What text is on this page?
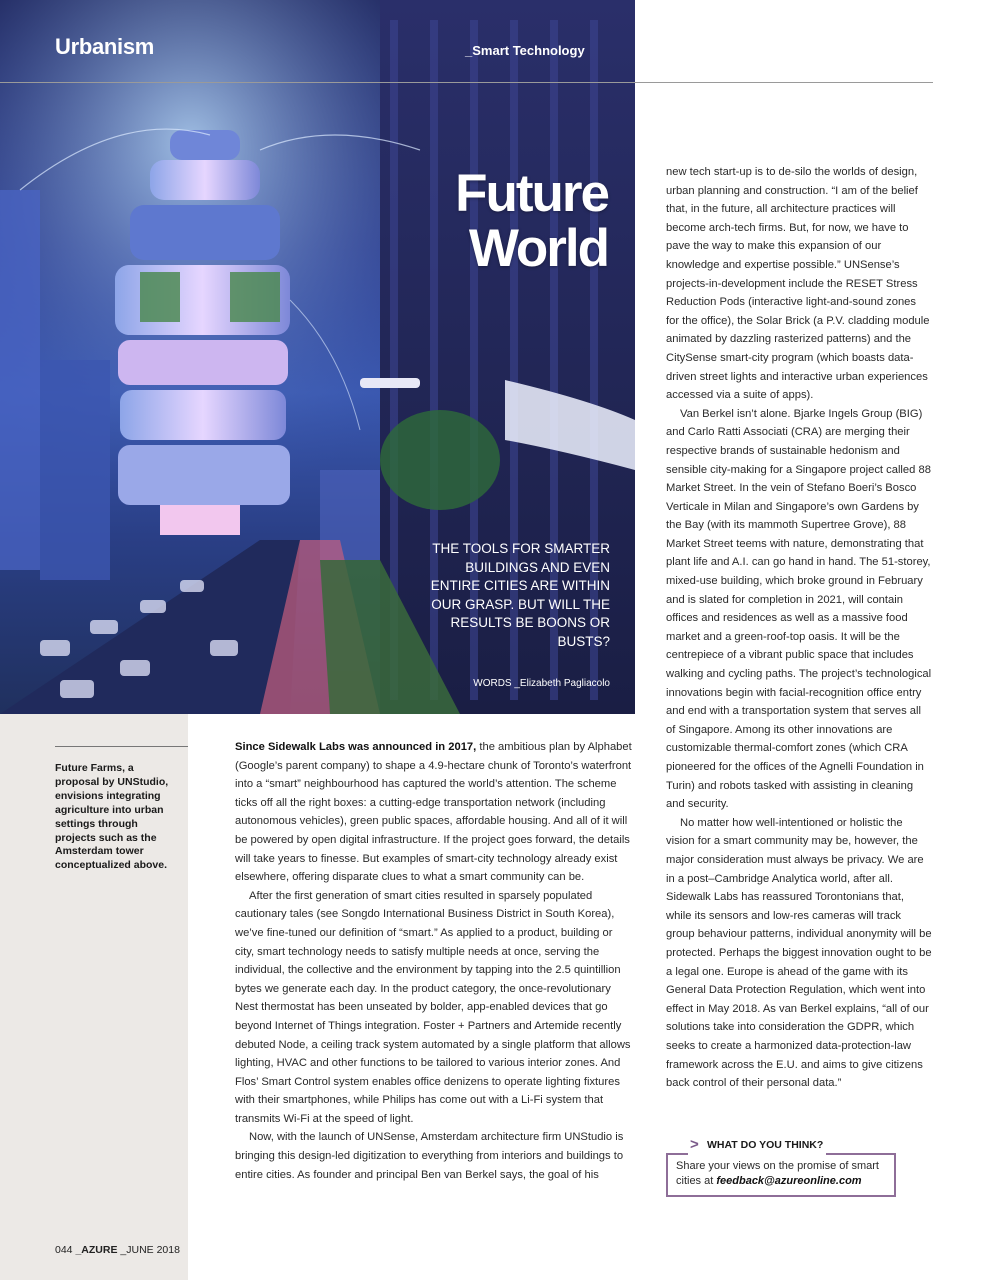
Urbanism	_Smart Technology
Future
World
THE TOOLS FOR SMARTER BUILDINGS AND EVEN ENTIRE CITIES ARE WITHIN OUR GRASP. BUT WILL THE RESULTS BE BOONS OR BUSTS?
WORDS _Elizabeth Pagliacolo
Future Farms, a proposal by UNStudio, envisions integrating agriculture into urban settings through projects such as the Amsterdam tower conceptualized above.
044 _AZURE _JUNE 2018

Since Sidewalk Labs was announced in 2017, the ambitious plan by Alphabet (Google’s parent company) to shape a 4.9-hectare chunk of Toronto’s waterfront into a “smart” neighbourhood has captured the world’s attention. The scheme ticks off all the right boxes: a cutting-edge transportation network (including autonomous vehicles), green public spaces, affordable housing. And all of it will be powered by open digital infrastructure. If the project goes forward, the details will take years to finesse. But examples of smart-city technology already exist elsewhere, offering disparate clues to what a smart community can be.

After the first generation of smart cities resulted in sparsely populated cautionary tales (see Songdo International Business District in South Korea), we’ve fine-tuned our definition of “smart.” As applied to a product, building or city, smart technology needs to satisfy multiple needs at once, serving the individual, the collective and the environment by tapping into the 2.5 quintillion bytes we generate each day. In the product category, the once-revolutionary Nest thermostat has been unseated by bolder, app-enabled devices that go beyond Internet of Things integration. Foster + Partners and Artemide recently debuted Node, a ceiling track system automated by a single platform that allows lighting, HVAC and other functions to be tailored to various interior zones. And Flos’ Smart Control system enables office denizens to operate lighting fixtures with their smartphones, while Philips has come out with a Li-Fi system that transmits Wi-Fi at the speed of light.

Now, with the launch of UNSense, Amsterdam architecture firm UNStudio is bringing this design-led digitization to everything from interiors and buildings to entire cities. As founder and principal Ben van Berkel says, the goal of his

new tech start-up is to de-silo the worlds of design, urban planning and construction. “I am of the belief that, in the future, all architecture practices will become arch-tech firms. But, for now, we have to pave the way to make this expansion of our knowledge and expertise possible.” UNSense’s projects-in-development include the RESET Stress Reduction Pods (interactive light-and-sound zones for the office), the Solar Brick (a P.V. cladding module animated by dazzling rasterized patterns) and the CitySense smart-city program (which boasts data-driven street lights and interactive urban experiences accessed via a suite of apps).

Van Berkel isn’t alone. Bjarke Ingels Group (BIG) and Carlo Ratti Associati (CRA) are merging their respective brands of sustainable hedonism and sensible city-making for a Singapore project called 88 Market Street. In the vein of Stefano Boeri’s Bosco Verticale in Milan and Singapore’s own Gardens by the Bay (with its mammoth Supertree Grove), 88 Market Street teems with nature, demonstrating that plant life and A.I. can go hand in hand. The 51-storey, mixed-use building, which broke ground in February and is slated for completion in 2021, will contain offices and residences as well as a massive food market and a green-roof-top oasis. It will be the centrepiece of a vibrant public space that includes walking and cycling paths. The project’s technological innovations begin with facial-recognition office entry and end with a transportation system that serves all of Singapore. Among its other innovations are customizable thermal-comfort zones (which CRA pioneered for the offices of the Agnelli Foundation in Turin) and robots tasked with assisting in cleaning and security.

No matter how well-intentioned or holistic the vision for a smart community may be, however, the major consideration must always be privacy. We are in a post–Cambridge Analytica world, after all. Sidewalk Labs has reassured Torontonians that, while its sensors and low-res cameras will track group behaviour patterns, individual anonymity will be protected. Perhaps the biggest innovation ought to be a legal one. Europe is ahead of the game with its General Data Protection Regulation, which went into effect in May 2018. As van Berkel explains, “all of our solutions take into consideration the GDPR, which seeks to create a harmonized data-protection-law framework across the E.U. and aims to give citizens back control of their personal data.”

> WHAT DO YOU THINK?
Share your views on the promise of smart cities at feedback@azureonline.com
